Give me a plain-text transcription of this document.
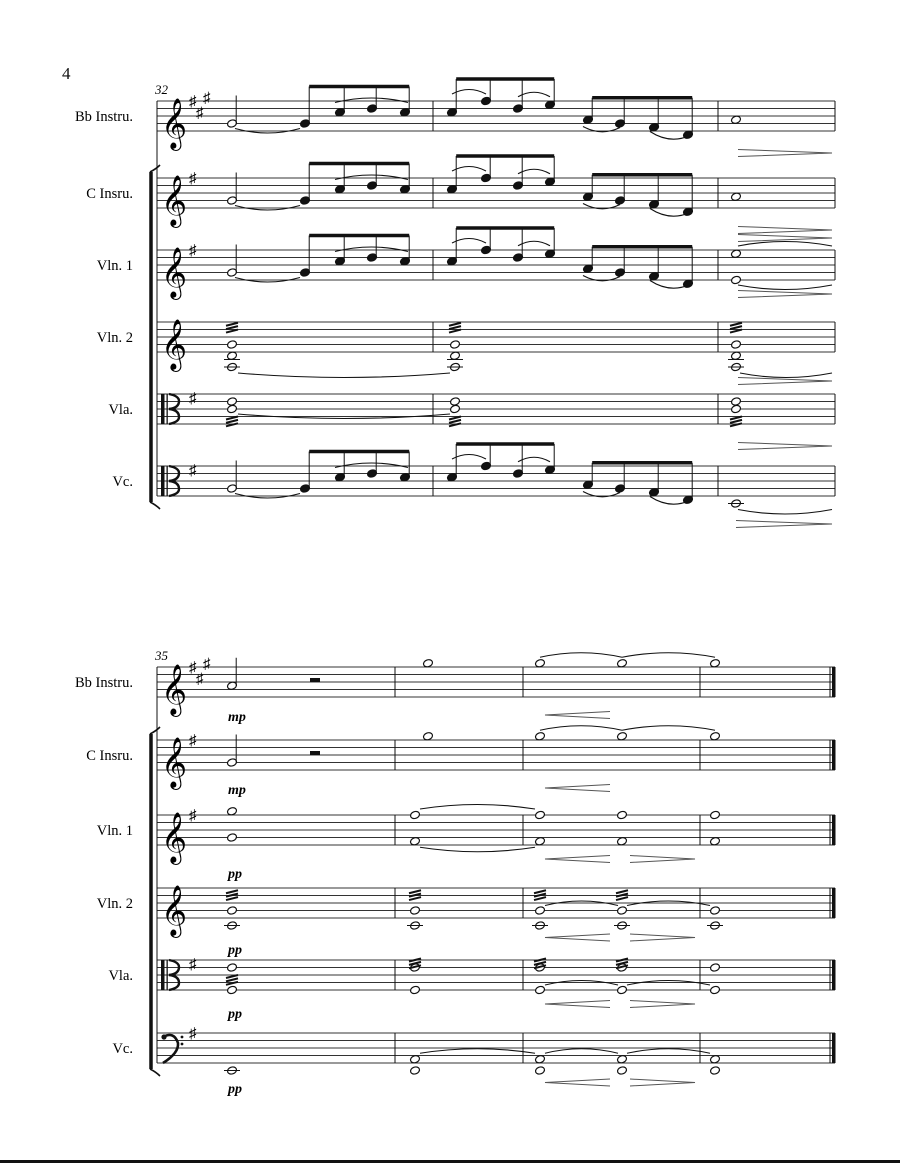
4
32
Bb Instru. 𝄞 ♯
♯
♯
C Insru. 𝄞 ♯
Vln. 1 𝄞 ♯
Vln. 2 𝄞
Vla.
♯
Vc.
♯
35
Bb Instru. 𝄞 ♯
♯
♯
C Insru. 𝄞 ♯
Vln. 1 𝄞 ♯
Vln. 2 𝄞
Vla.
♯
Vc.
♯
mp
mp
pp
pp
pp
pp
